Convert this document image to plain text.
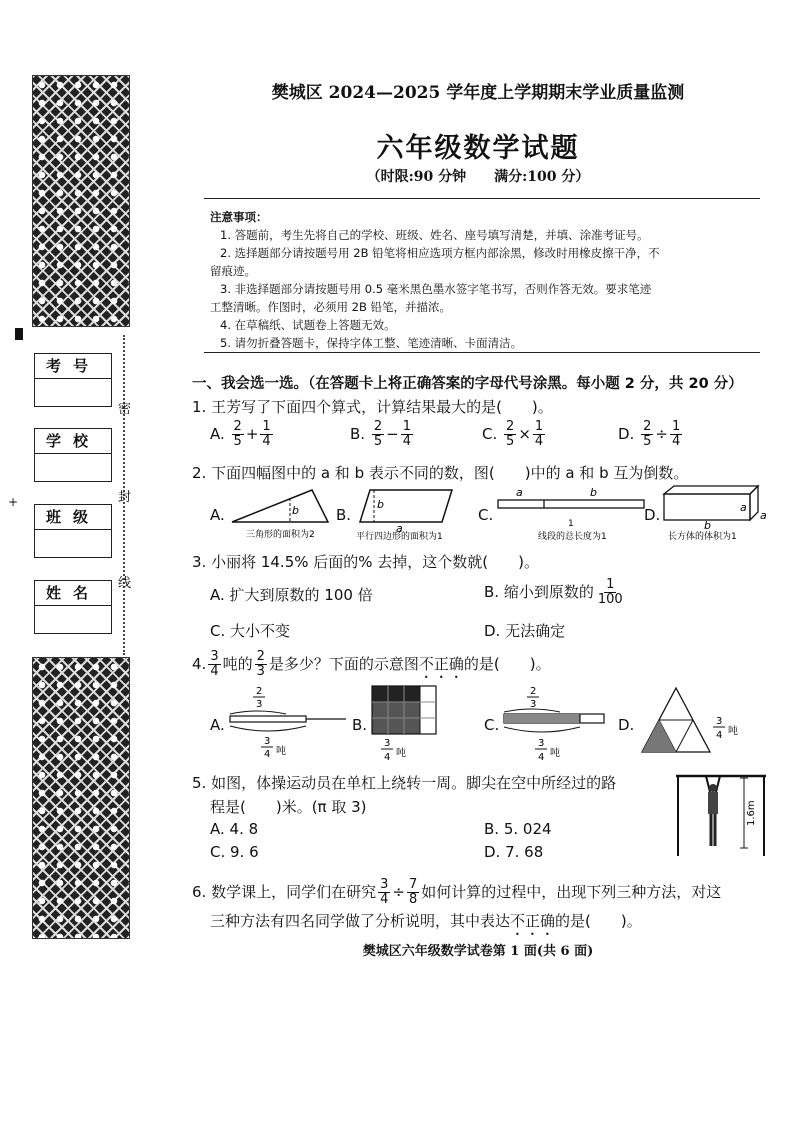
+
考号
学校
班级
姓名
密
封
线
樊城区 2024—2025 学年度上学期期末学业质量监测
六年级数学试题
（时限:90 分钟　　满分:100 分）
注意事项：
1. 答题前，考生先将自己的学校、班级、姓名、座号填写清楚，并填、涂准考证号。
2. 选择题部分请按题号用 2B 铅笔将相应选项方框内部涂黑，修改时用橡皮擦干净，不
留痕迹。
3. 非选择题部分请按题号用 0.5 毫米黑色墨水签字笔书写，否则作答无效。要求笔迹
工整清晰。作图时，必须用 2B 铅笔，并描浓。
4. 在草稿纸、试题卷上答题无效。
5. 请勿折叠答题卡，保持字体工整、笔迹清晰、卡面清洁。
一、我会选一选。（在答题卡上将正确答案的字母代号涂黑。每小题 2 分，共 20 分）
1. 王芳写了下面四个算式，计算结果最大的是(　　)。
A. $\frac{2}{5} + \frac{1}{4}$	B. $\frac{2}{5} - \frac{1}{4}$	C. $\frac{2}{5} \times \frac{1}{4}$	D. $\frac{2}{5} \div \frac{1}{4}$
2. 下面四幅图中的 a 和 b 表示不同的数，图(　　)中的 a 和 b 互为倒数。
A.	b
三角形的面积为2
B.
b
a
平行四边形的面积为1
C.
a	b
1
线段的总长度为1
D.	a
a
b
长方体的体积为1
3. 小丽将 14.5% 后面的% 去掉，这个数就(　　)。
A. 扩大到原数的 100 倍	B. 缩小到原数的 $\frac{1}{100}$
C. 大小不变	D. 无法确定
4. $\frac{3}{4}$ 吨的 $\frac{2}{3}$ 是多少？下面的示意图不正确的是(　　)。
A.
2
3
3
4 吨
B.
3
4 吨
C.
2
3
3
4 吨
D.	3
4 吨
5. 如图，体操运动员在单杠上绕转一周。脚尖在空中所经过的路
程是(　　)米。(π 取 3)
A. 4. 8	B. 5. 024
C. 9. 6	D. 7. 68
1.6m
6. 数学课上，同学们在研究 $\frac{3}{4} \div \frac{7}{8}$ 如何计算的过程中，出现下列三种方法，对这
三种方法有四名同学做了分析说明，其中表达不正确的是(　　)。
樊城区六年级数学试卷第 1 面(共 6 面)
